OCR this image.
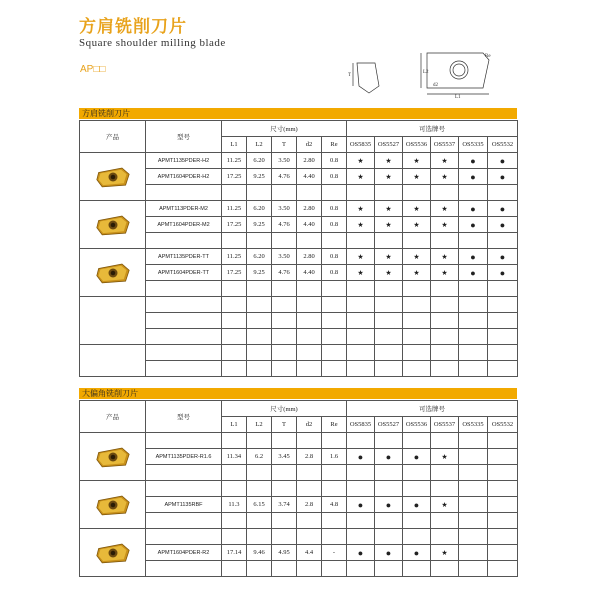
方肩铣削刀片
Square shoulder milling blade
AP□□
T
L2
d2
Re
L1
方肩铣削刀片
产品	型号	尺寸(mm)					可选牌号					
		L1	L2	T	d2	Re	OS5835	OS5527	OS5536	OS5537	OS5335	OS5532

	APMT1135PDER-H2	11.25	6.20	3.50	2.80	0.8	★	★	★	★	●	●
	APMT1604PDER-H2	17.25	9.25	4.76	4.40	0.8	★	★	★	★	●	●

	APMT113PDER-M2	11.25	6.20	3.50	2.80	0.8	★	★	★	★	●	●
	APMT1604PDER-M2	17.25	9.25	4.76	4.40	0.8	★	★	★	★	●	●

	APMT1135PDER-TT	11.25	6.20	3.50	2.80	0.8	★	★	★	★	●	●
	APMT1604PDER-TT	17.25	9.25	4.76	4.40	0.8	★	★	★	★	●	●

大偏角铣削刀片
产品	型号	尺寸(mm)					可选牌号					
		L1	L2	T	d2	Re	OS5835	OS5527	OS5536	OS5537	OS5335	OS5532

	APMT1135PDER-R1.6	11.34	6.2	3.45	2.8	1.6	●	●	●	★		

	APMT1135RBF	11.3	6.15	3.74	2.8	4.8	●	●	●	★		

	APMT1604PDER-R2	17.14	9.46	4.95	4.4	-	●	●	●	★		
